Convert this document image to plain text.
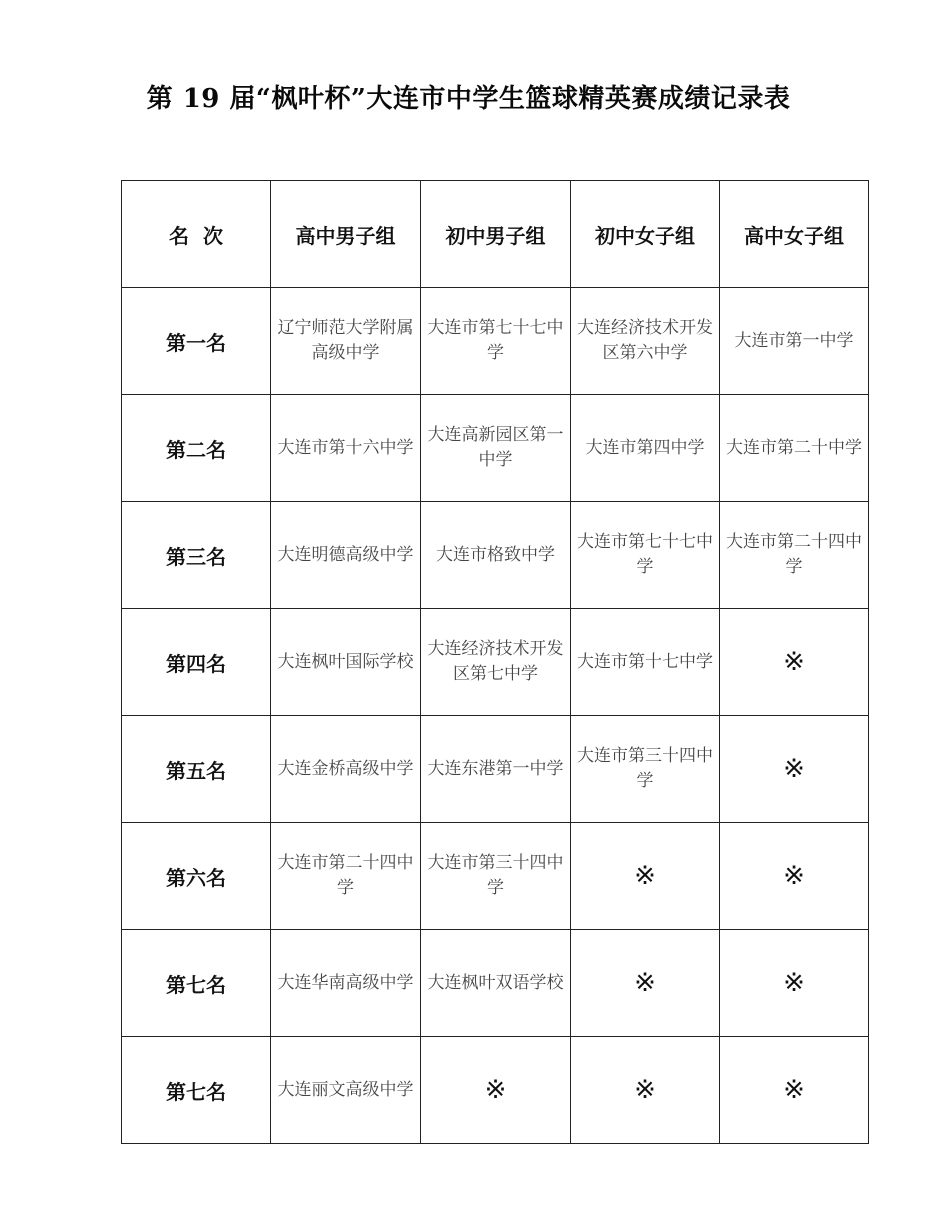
第 19 届“枫叶杯”大连市中学生篮球精英赛成绩记录表
名  次	高中男子组	初中男子组	初中女子组	高中女子组
第一名	辽宁师范大学附属高级中学	大连市第七十七中学	大连经济技术开发区第六中学	大连市第一中学
第二名	大连市第十六中学	大连高新园区第一中学	大连市第四中学	大连市第二十中学
第三名	大连明德高级中学	大连市格致中学	大连市第七十七中学	大连市第二十四中学
第四名	大连枫叶国际学校	大连经济技术开发区第七中学	大连市第十七中学	※
第五名	大连金桥高级中学	大连东港第一中学	大连市第三十四中学	※
第六名	大连市第二十四中学	大连市第三十四中学	※	※
第七名	大连华南高级中学	大连枫叶双语学校	※	※
第七名	大连丽文高级中学	※	※	※
